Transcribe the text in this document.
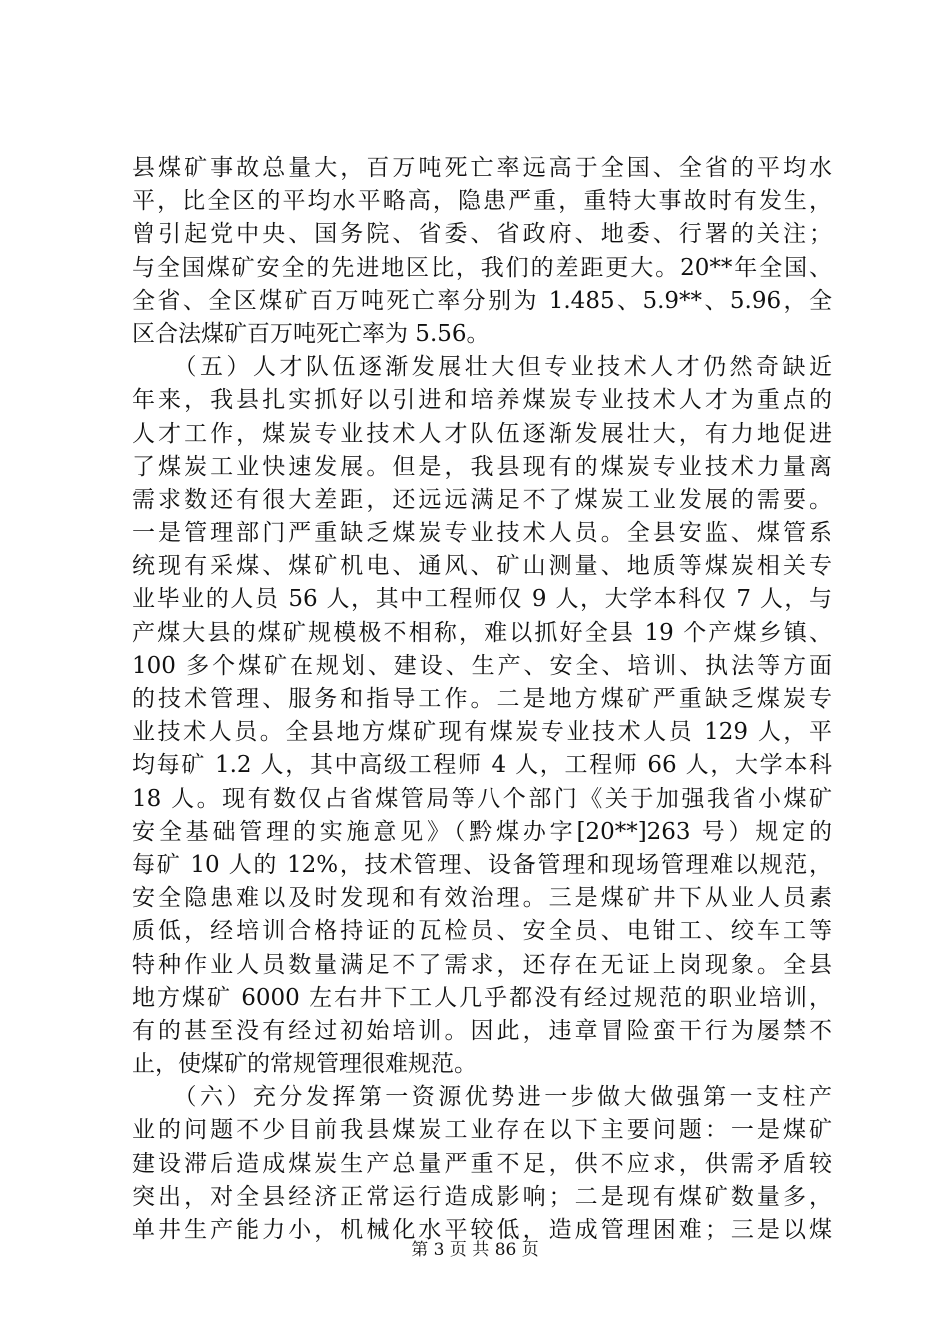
县煤矿事故总量大，百万吨死亡率远高于全国、全省的平均水
平，比全区的平均水平略高，隐患严重，重特大事故时有发生，
曾引起党中央、国务院、省委、省政府、地委、行署的关注；
与全国煤矿安全的先进地区比，我们的差距更大。20**年全国、
全省、全区煤矿百万吨死亡率分别为 1.485、5.9**、5.96，全
区合法煤矿百万吨死亡率为 5.56。
　　（五）人才队伍逐渐发展壮大但专业技术人才仍然奇缺近
年来，我县扎实抓好以引进和培养煤炭专业技术人才为重点的
人才工作，煤炭专业技术人才队伍逐渐发展壮大，有力地促进
了煤炭工业快速发展。但是，我县现有的煤炭专业技术力量离
需求数还有很大差距，还远远满足不了煤炭工业发展的需要。
一是管理部门严重缺乏煤炭专业技术人员。全县安监、煤管系
统现有采煤、煤矿机电、通风、矿山测量、地质等煤炭相关专
业毕业的人员 56 人，其中工程师仅 9 人，大学本科仅 7 人，与
产煤大县的煤矿规模极不相称，难以抓好全县 19 个产煤乡镇、
100 多个煤矿在规划、建设、生产、安全、培训、执法等方面
的技术管理、服务和指导工作。二是地方煤矿严重缺乏煤炭专
业技术人员。全县地方煤矿现有煤炭专业技术人员 129 人，平
均每矿 1.2 人，其中高级工程师 4 人，工程师 66 人，大学本科
18 人。现有数仅占省煤管局等八个部门《关于加强我省小煤矿
安全基础管理的实施意见》（黔煤办字[20**]263 号）规定的
每矿 10 人的 12%，技术管理、设备管理和现场管理难以规范，
安全隐患难以及时发现和有效治理。三是煤矿井下从业人员素
质低，经培训合格持证的瓦检员、安全员、电钳工、绞车工等
特种作业人员数量满足不了需求，还存在无证上岗现象。全县
地方煤矿 6000 左右井下工人几乎都没有经过规范的职业培训，
有的甚至没有经过初始培训。因此，违章冒险蛮干行为屡禁不
止，使煤矿的常规管理很难规范。
　　（六）充分发挥第一资源优势进一步做大做强第一支柱产
业的问题不少目前我县煤炭工业存在以下主要问题：一是煤矿
建设滞后造成煤炭生产总量严重不足，供不应求，供需矛盾较
突出，对全县经济正常运行造成影响；二是现有煤矿数量多，
单井生产能力小，机械化水平较低，造成管理困难；三是以煤
第 3 页 共 86 页
